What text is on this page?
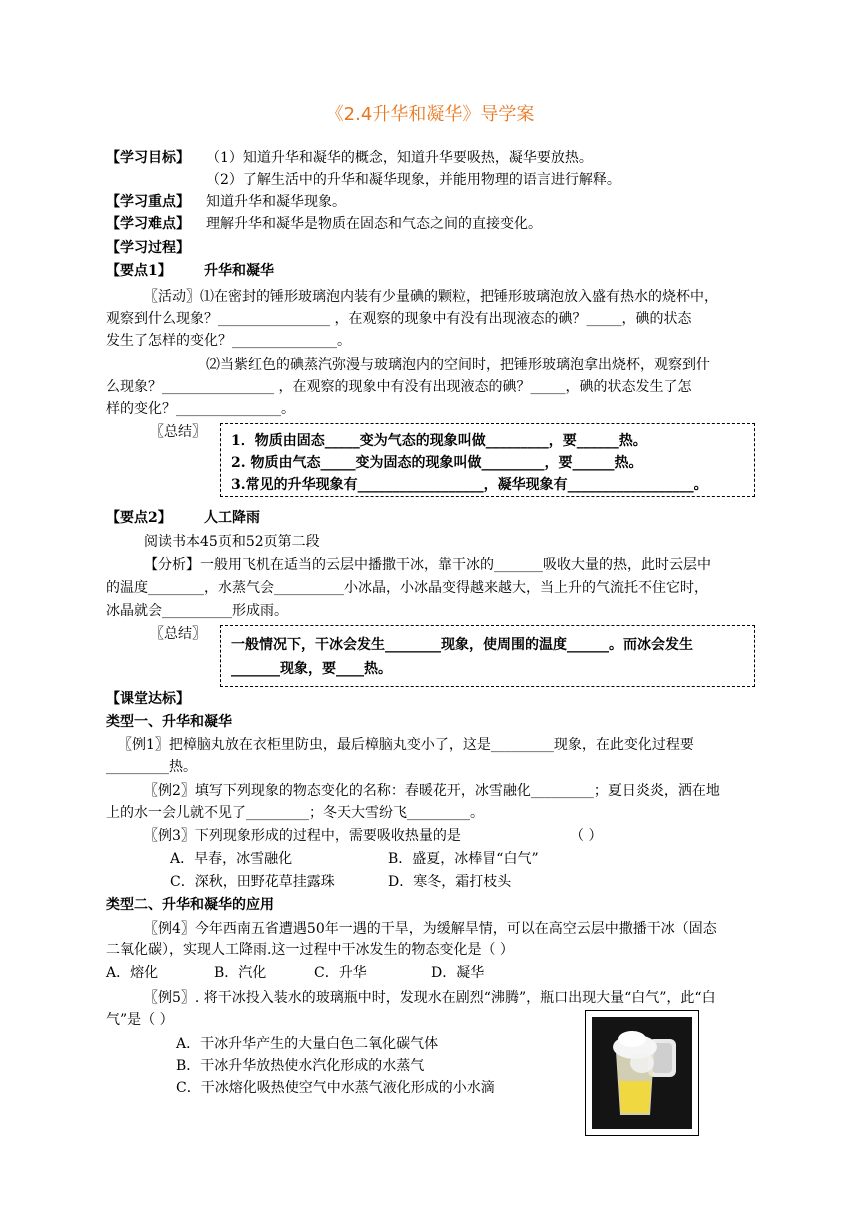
《2.4升华和凝华》导学案
【学习目标】 （1）知道升华和凝华的概念，知道升华要吸热，凝华要放热。
（2）了解生活中的升华和凝华现象，并能用物理的语言进行解释。
【学习重点】 知道升华和凝华现象。
【学习难点】 理解升华和凝华是物质在固态和气态之间的直接变化。
【学习过程】
【要点1】 升华和凝华
〖活动〗⑴在密封的锤形玻璃泡内装有少量碘的颗粒，把锤形玻璃泡放入盛有热水的烧杯中，
观察到什么现象？________________ ，在观察的现象中有没有出现液态的碘？_____，碘的状态
发生了怎样的变化？_______________。
⑵当紫红色的碘蒸汽弥漫与玻璃泡内的空间时，把锤形玻璃泡拿出烧杯，观察到什
么现象？________________ ，在观察的现象中有没有出现液态的碘？_____，碘的状态发生了怎
样的变化？_______________。
〖总结〗
1．物质由固态_____变为气态的现象叫做_________，要______热。
2. 物质由气态_____变为固态的现象叫做_________，要______热。
3.常见的升华现象有__________________，凝华现象有__________________。
【要点2】 人工降雨
阅读书本45页和52页第二段
【分析】一般用飞机在适当的云层中播撒干冰，靠干冰的_______吸收大量的热，此时云层中
的温度________，水蒸气会__________小冰晶，小冰晶变得越来越大，当上升的气流托不住它时，
冰晶就会__________形成雨。
〖总结〗
一般情况下，干冰会发生________现象，使周围的温度______。而冰会发生
_______现象，要____热。
【课堂达标】
类型一、升华和凝华
〖例1〗把樟脑丸放在衣柜里防虫，最后樟脑丸变小了，这是_________现象，在此变化过程要
_________热。
〖例2〗填写下列现象的物态变化的名称：春暖花开，冰雪融化_________；夏日炎炎，洒在地
上的水一会儿就不见了_________；冬天大雪纷飞_________。
〖例3〗下列现象形成的过程中，需要吸收热量的是	（ ）
A．早春，冰雪融化	B．盛夏，冰棒冒“白气”
C．深秋，田野花草挂露珠	D．寒冬，霜打枝头
类型二、升华和凝华的应用
〖例4〗今年西南五省遭遇50年一遇的干旱，为缓解旱情，可以在高空云层中撒播干冰（固态
二氧化碳），实现人工降雨.这一过程中干冰发生的物态变化是（ ）
A．熔化	B．汽化	C．升华	D．凝华
〖例5〗. 将干冰投入装水的玻璃瓶中时，发现水在剧烈“沸腾”，瓶口出现大量“白气”，此“白
气”是（ ）
A．干冰升华产生的大量白色二氧化碳气体
B．干冰升华放热使水汽化形成的水蒸气
C．干冰熔化吸热使空气中水蒸气液化形成的小水滴
